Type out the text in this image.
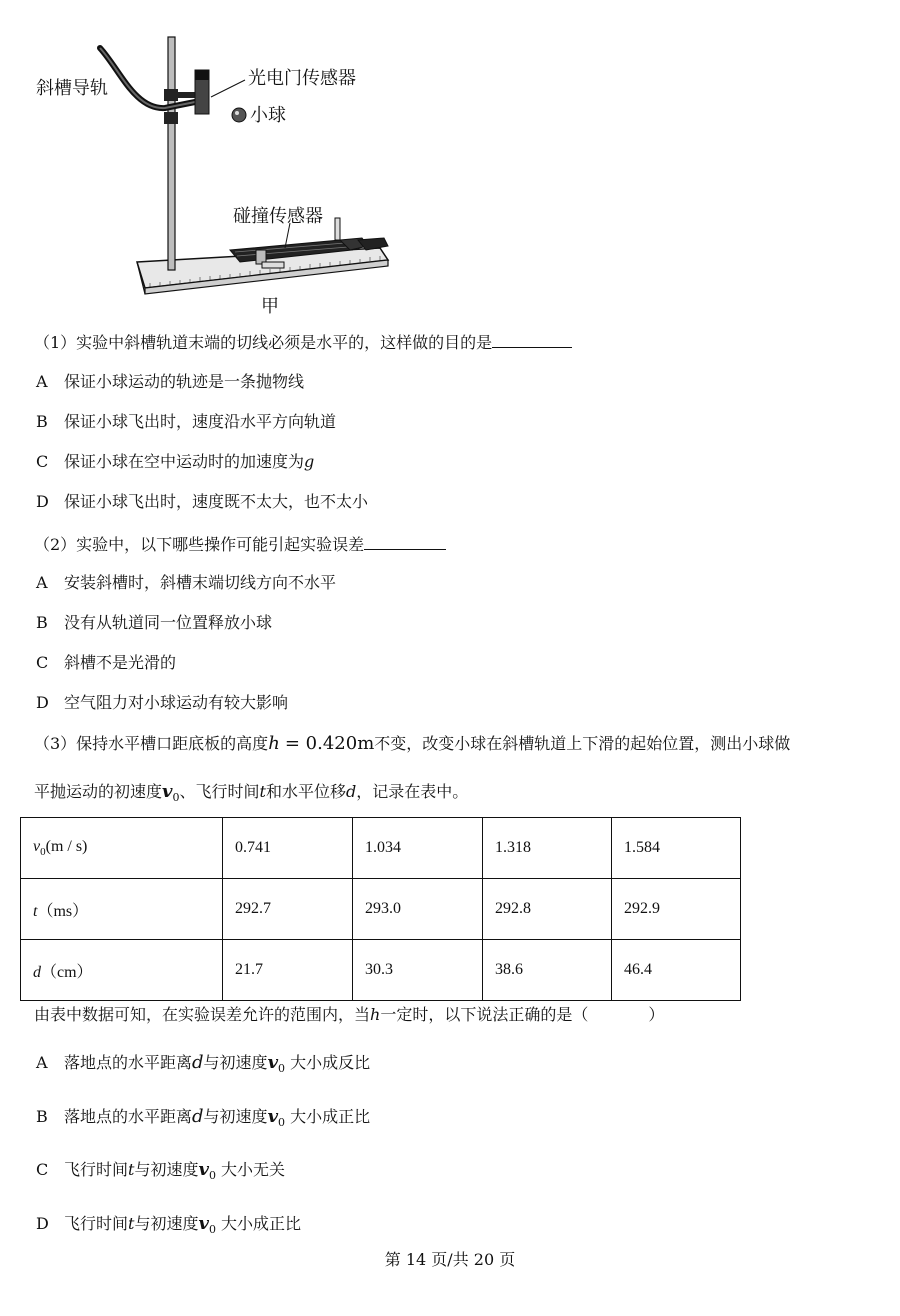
斜槽导轨	光电门传感器
小球
碰撞传感器
甲
（1）实验中斜槽轨道末端的切线必须是水平的，这样做的目的是
A 保证小球运动的轨迹是一条抛物线
B 保证小球飞出时，速度沿水平方向轨道
C 保证小球在空中运动时的加速度为g
D 保证小球飞出时，速度既不太大，也不太小
（2）实验中，以下哪些操作可能引起实验误差
A 安装斜槽时，斜槽末端切线方向不水平
B 没有从轨道同一位置释放小球
C 斜槽不是光滑的
D 空气阻力对小球运动有较大影响
（3）保持水平槽口距底板的高度h = 0.420m不变，改变小球在斜槽轨道上下滑的起始位置，测出小球做
平抛运动的初速度$v_0$、飞行时间t和水平位移d，记录在表中。
$v_0(m / s)$	0.741	1.034	1.318	1.584
t（ms）	292.7	293.0	292.8	292.9
d（cm）	21.7	30.3	38.6	46.4
由表中数据可知，在实验误差允许的范围内，当h一定时，以下说法正确的是（	）
A 落地点的水平距离d与初速度$v_0$ 大小成反比
B 落地点的水平距离d与初速度$v_0$ 大小成正比
C 飞行时间t与初速度$v_0$ 大小无关
D 飞行时间t与初速度$v_0$ 大小成正比
第 14 页/共 20 页
